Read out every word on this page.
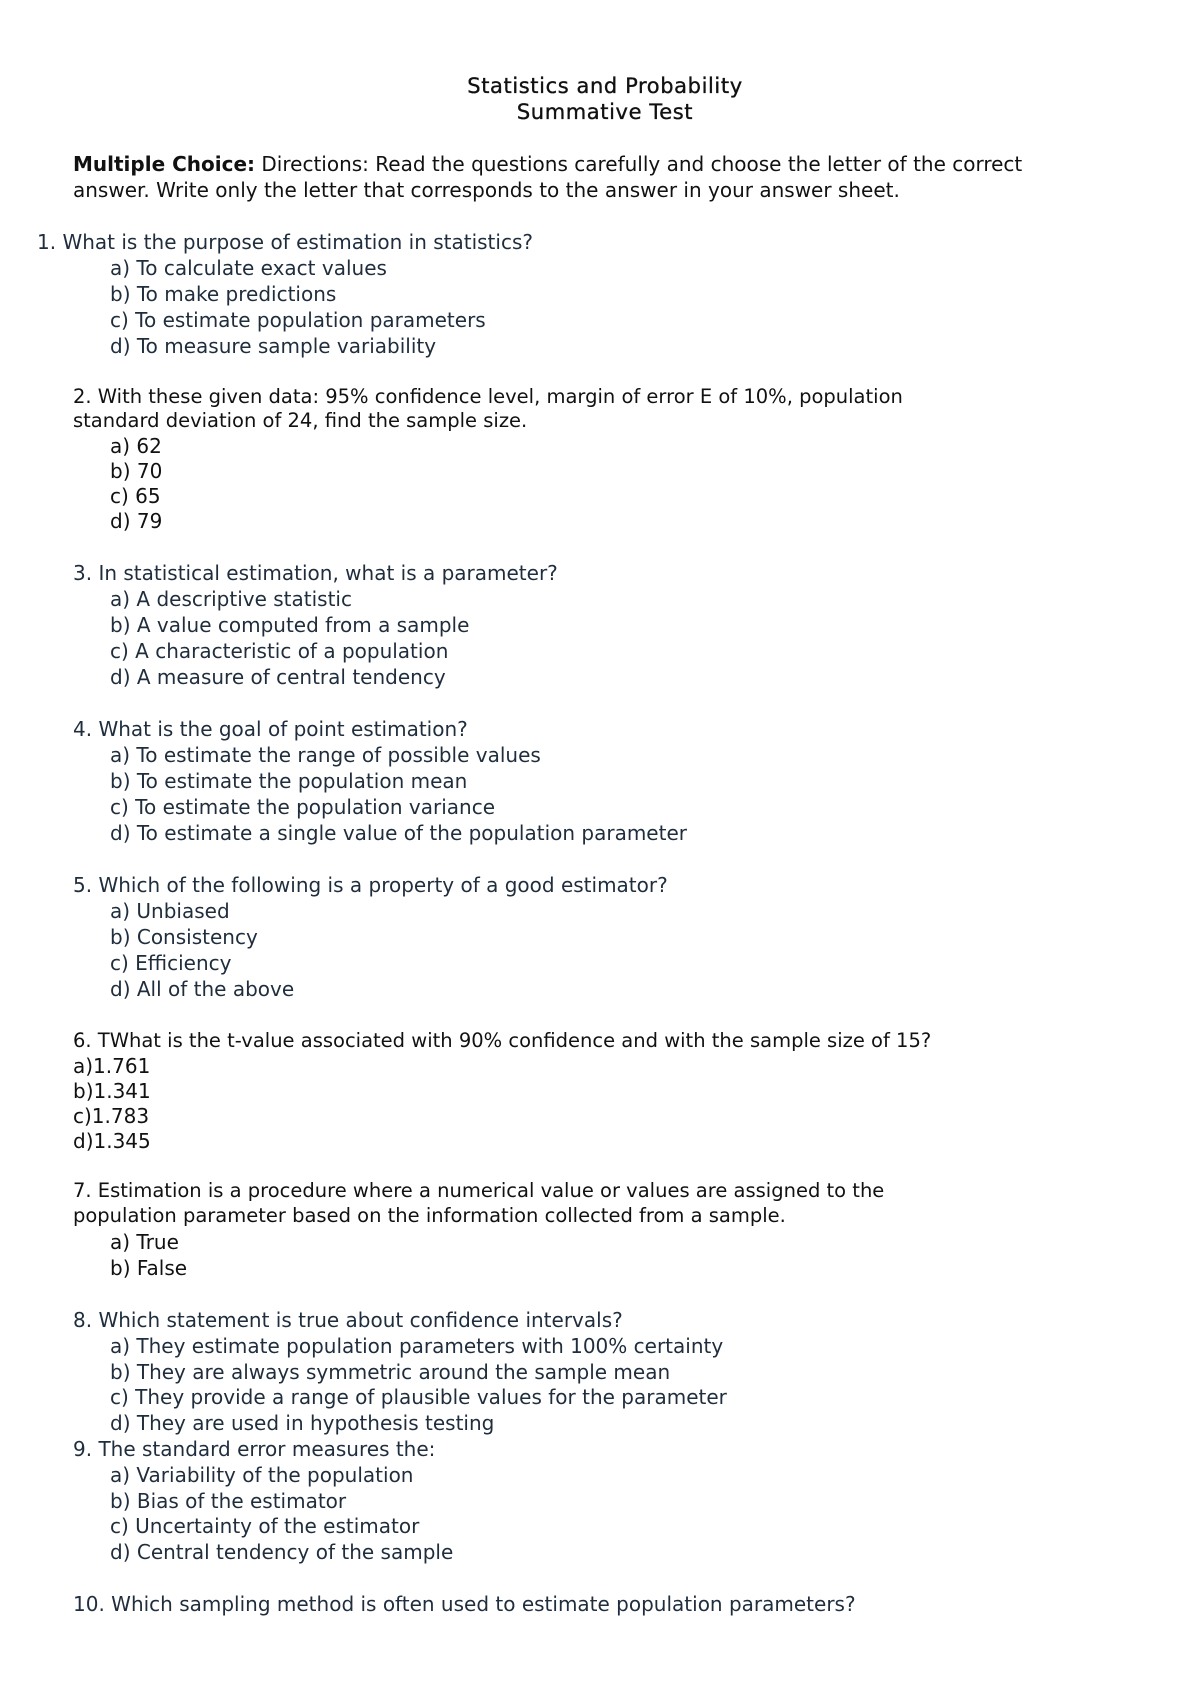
Statistics and Probability
Summative Test
Multiple Choice: Directions: Read the questions carefully and choose the letter of the correct
answer. Write only the letter that corresponds to the answer in your answer sheet.
1. What is the purpose of estimation in statistics?
a) To calculate exact values
b) To make predictions
c) To estimate population parameters
d) To measure sample variability
2. With these given data: 95% confidence level, margin of error E of 10%, population
standard deviation of 24, find the sample size.
a) 62
b) 70
c) 65
d) 79
3. In statistical estimation, what is a parameter?
a) A descriptive statistic
b) A value computed from a sample
c) A characteristic of a population
d) A measure of central tendency
4. What is the goal of point estimation?
a) To estimate the range of possible values
b) To estimate the population mean
c) To estimate the population variance
d) To estimate a single value of the population parameter
5. Which of the following is a property of a good estimator?
a) Unbiased
b) Consistency
c) Efficiency
d) All of the above
6. TWhat is the t-value associated with 90% confidence and with the sample size of 15?
a)1.761
b)1.341
c)1.783
d)1.345
7. Estimation is a procedure where a numerical value or values are assigned to the
population parameter based on the information collected from a sample.
a) True
b) False
8. Which statement is true about confidence intervals?
a) They estimate population parameters with 100% certainty
b) They are always symmetric around the sample mean
c) They provide a range of plausible values for the parameter
d) They are used in hypothesis testing
9. The standard error measures the:
a) Variability of the population
b) Bias of the estimator
c) Uncertainty of the estimator
d) Central tendency of the sample
10. Which sampling method is often used to estimate population parameters?
